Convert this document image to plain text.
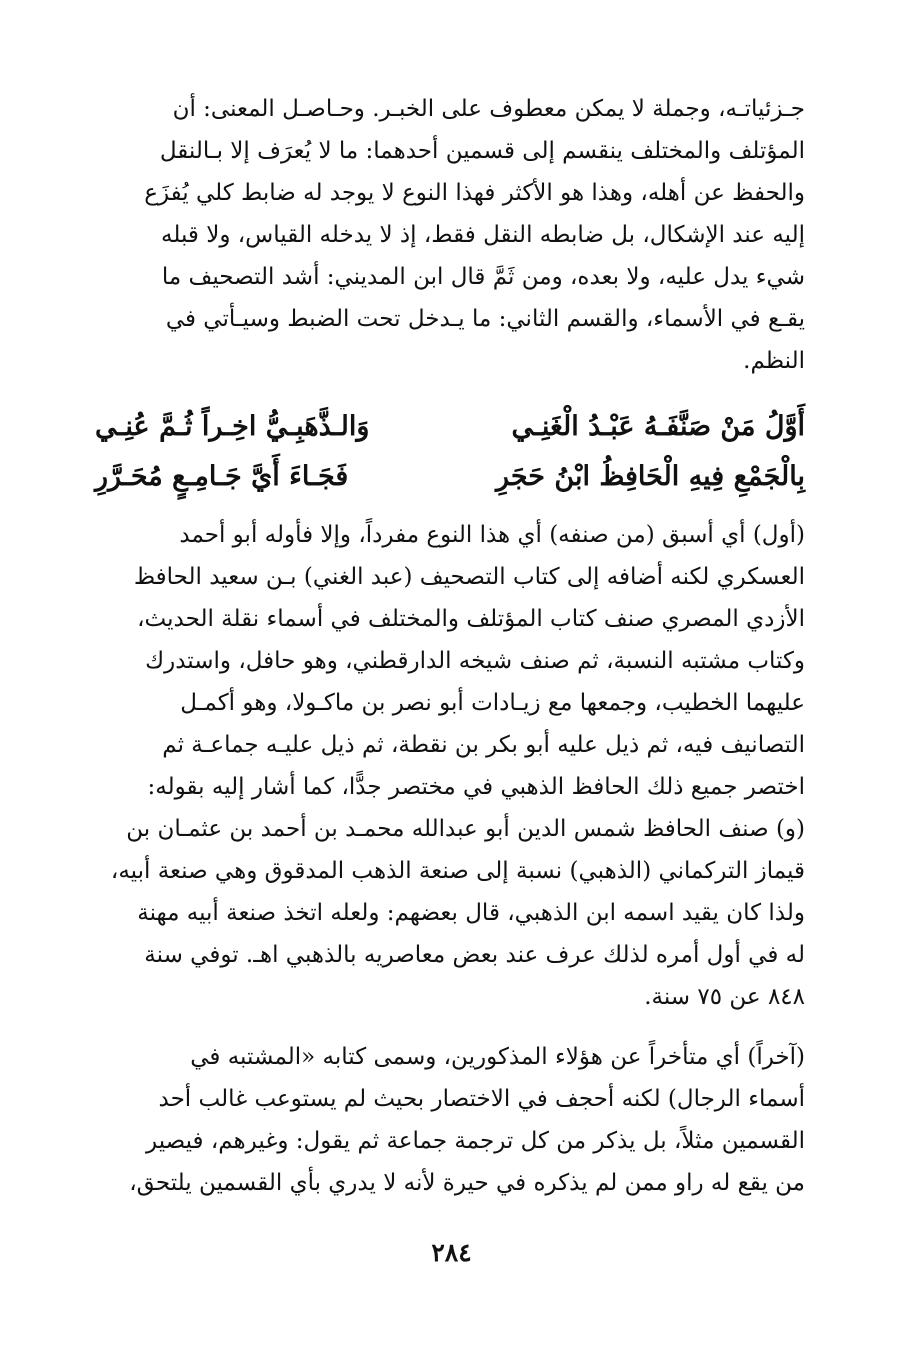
جـزئياتـه، وجملة لا يمكن معطوف على الخبـر. وحـاصـل المعنى: أن
المؤتلف والمختلف ينقسم إلى قسمين أحدهما: ما لا يُعرَف إلا بـالنقل
والحفظ عن أهله، وهذا هو الأكثر فهذا النوع لا يوجد له ضابط كلي يُفزَع
إليه عند الإشكال، بل ضابطه النقل فقط، إذ لا يدخله القياس، ولا قبله
شيء يدل عليه، ولا بعده، ومن ثَمَّ قال ابن المديني: أشد التصحيف ما
يقـع في الأسماء، والقسم الثاني: ما يـدخل تحت الضبط وسيـأتي في
النظم.
أَوَّلُ مَنْ صَنَّفَـهُ عَبْـدُ الْغَنِـي
وَالـذَّهَبِـيُّ اخِـراً ثُـمَّ عُنِـي
بِالْجَمْعِ فِيهِ الْحَافِظُ ابْنُ حَجَرِ
فَجَـاءَ أَيَّ جَـامِـعٍ مُحَـرَّرِ
(أول) أي أسبق (من صنفه) أي هذا النوع مفرداً، وإلا فأوله أبو أحمد
العسكري لكنه أضافه إلى كتاب التصحيف (عبد الغني) بـن سعيد الحافظ
الأزدي المصري صنف كتاب المؤتلف والمختلف في أسماء نقلة الحديث،
وكتاب مشتبه النسبة، ثم صنف شيخه الدارقطني، وهو حافل، واستدرك
عليهما الخطيب، وجمعها مع زيـادات أبو نصر بن ماكـولا، وهو أكمـل
التصانيف فيه، ثم ذيل عليه أبو بكر بن نقطة، ثم ذيل عليـه جماعـة ثم
اختصر جميع ذلك الحافظ الذهبي في مختصر جدًّا، كما أشار إليه بقوله:
(و) صنف الحافظ شمس الدين أبو عبدالله محمـد بن أحمد بن عثمـان بن
قيماز التركماني (الذهبي) نسبة إلى صنعة الذهب المدقوق وهي صنعة أبيه،
ولذا كان يقيد اسمه ابن الذهبي، قال بعضهم: ولعله اتخذ صنعة أبيه مهنة
له في أول أمره لذلك عرف عند بعض معاصريه بالذهبي اهـ. توفي سنة
٨٤٨ عن ٧٥ سنة.
(آخراً) أي متأخراً عن هؤلاء المذكورين، وسمى كتابه «المشتبه في
أسماء الرجال) لكنه أحجف في الاختصار بحيث لم يستوعب غالب أحد
القسمين مثلاً، بل يذكر من كل ترجمة جماعة ثم يقول: وغيرهم، فيصير
من يقع له راو ممن لم يذكره في حيرة لأنه لا يدري بأي القسمين يلتحق،
٢٨٤
